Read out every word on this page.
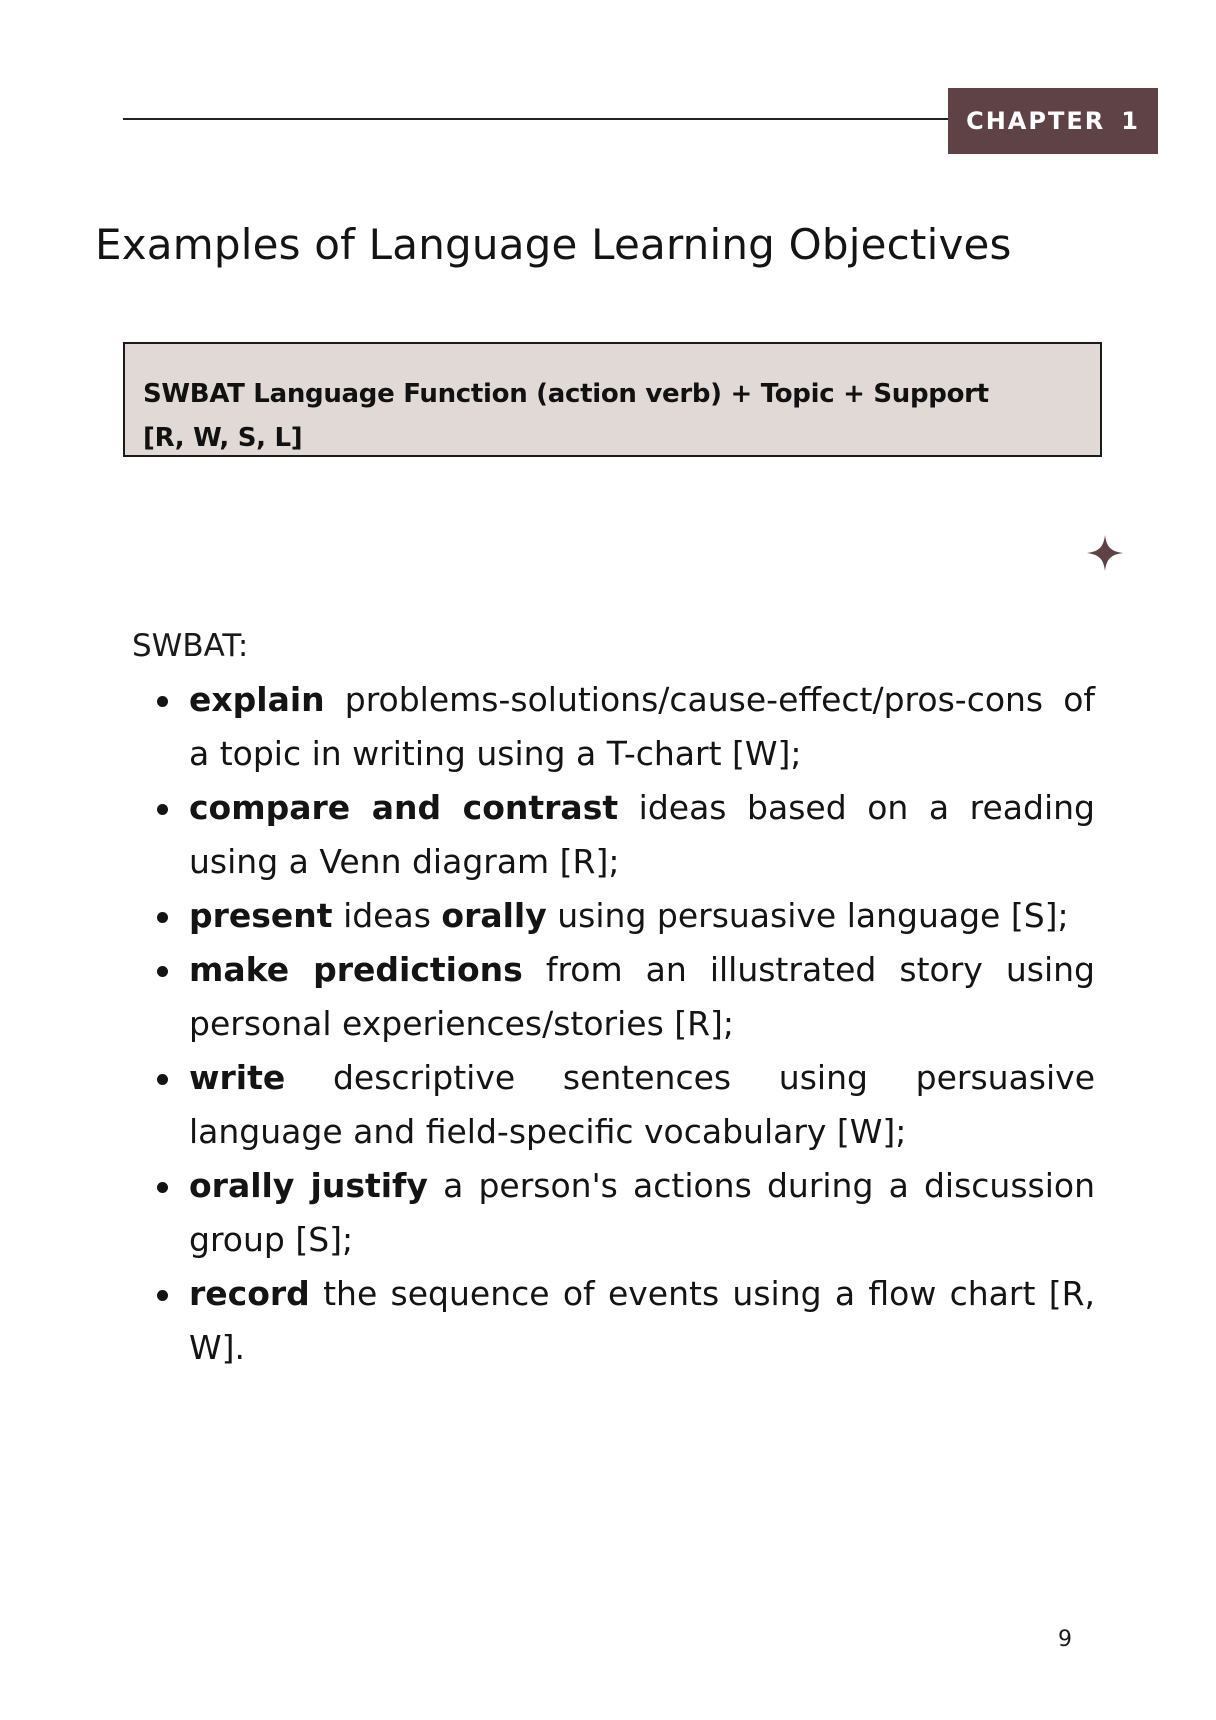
CHAPTER 1
Examples of Language Learning Objectives
SWBAT Language Function (action verb) + Topic + Support
[R, W, S, L]
SWBAT:
explain problems-solutions/cause-effect/pros-cons of a topic in writing using a T-chart [W];
compare and contrast ideas based on a reading using a Venn diagram [R];
present ideas orally using persuasive language [S];
make predictions from an illustrated story using personal experiences/stories [R];
write descriptive sentences using persuasive language and field-specific vocabulary [W];
orally justify a person's actions during a discussion group [S];
record the sequence of events using a flow chart [R, W].
9
